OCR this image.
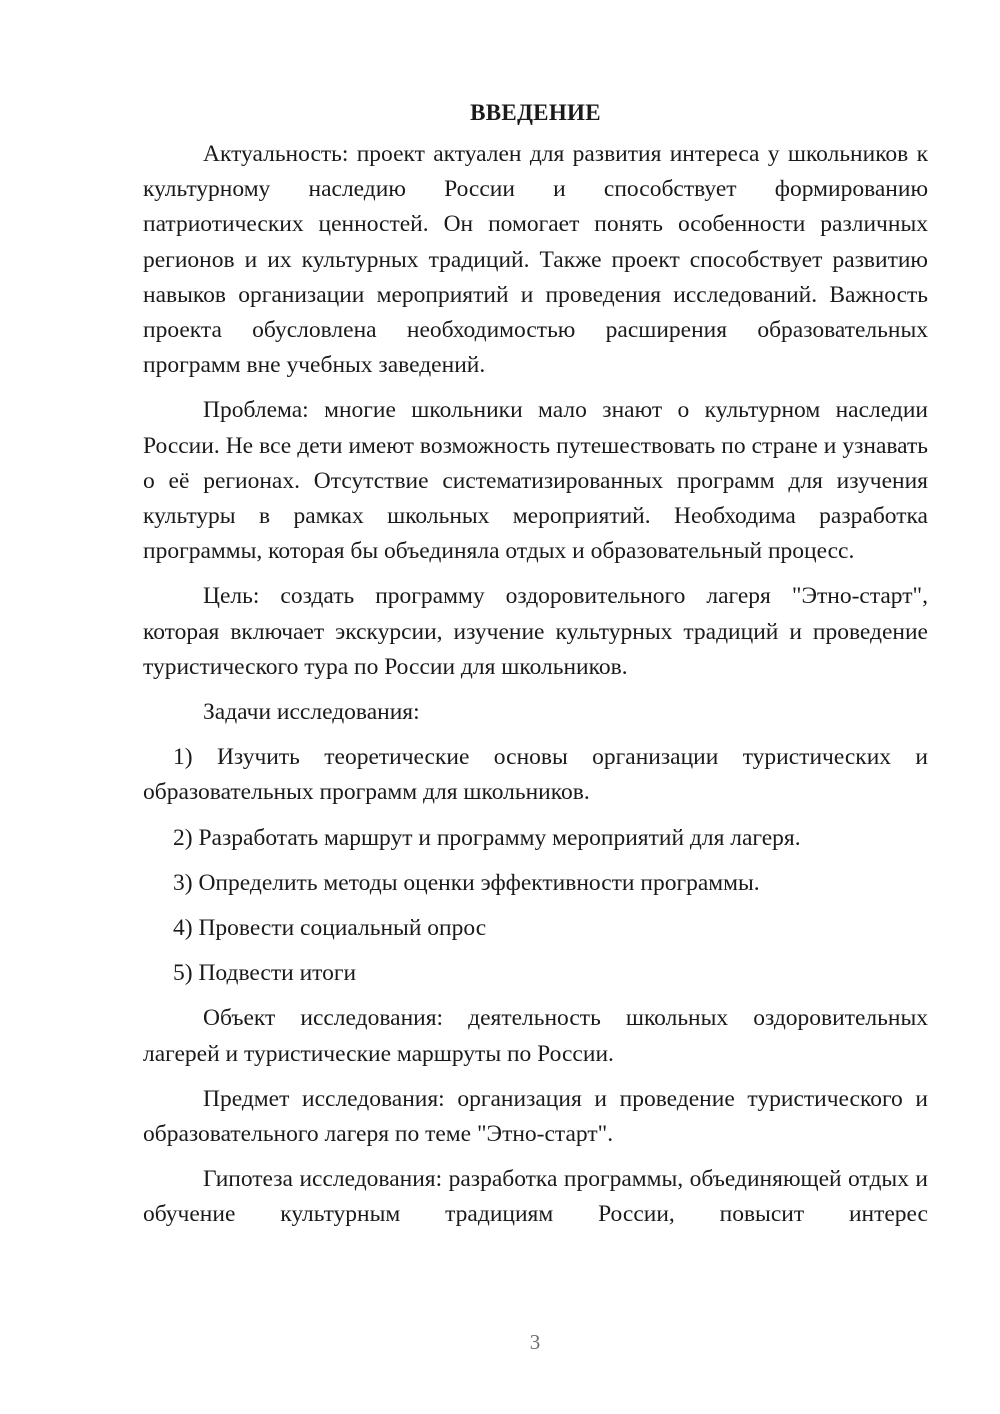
ВВЕДЕНИЕ

Актуальность: проект актуален для развития интереса у школьников к культурному наследию России и способствует формированию патриотических ценностей. Он помогает понять особенности различных регионов и их культурных традиций. Также проект способствует развитию навыков организации мероприятий и проведения исследований. Важность проекта обусловлена необходимостью расширения образовательных программ вне учебных заведений.

Проблема: многие школьники мало знают о культурном наследии России. Не все дети имеют возможность путешествовать по стране и узнавать о её регионах. Отсутствие систематизированных программ для изучения культуры в рамках школьных мероприятий. Необходима разработка программы, которая бы объединяла отдых и образовательный процесс.

Цель: создать программу оздоровительного лагеря "Этно-старт", которая включает экскурсии, изучение культурных традиций и проведение туристического тура по России для школьников.

Задачи исследования:

1) Изучить теоретические основы организации туристических и образовательных программ для школьников.

2) Разработать маршрут и программу мероприятий для лагеря.

3) Определить методы оценки эффективности программы.

4) Провести социальный опрос

5) Подвести итоги

Объект исследования: деятельность школьных оздоровительных лагерей и туристические маршруты по России.

Предмет исследования: организация и проведение туристического и образовательного лагеря по теме "Этно-старт".

Гипотеза исследования: разработка программы, объединяющей отдых и обучение культурным традициям России, повысит интерес

3
